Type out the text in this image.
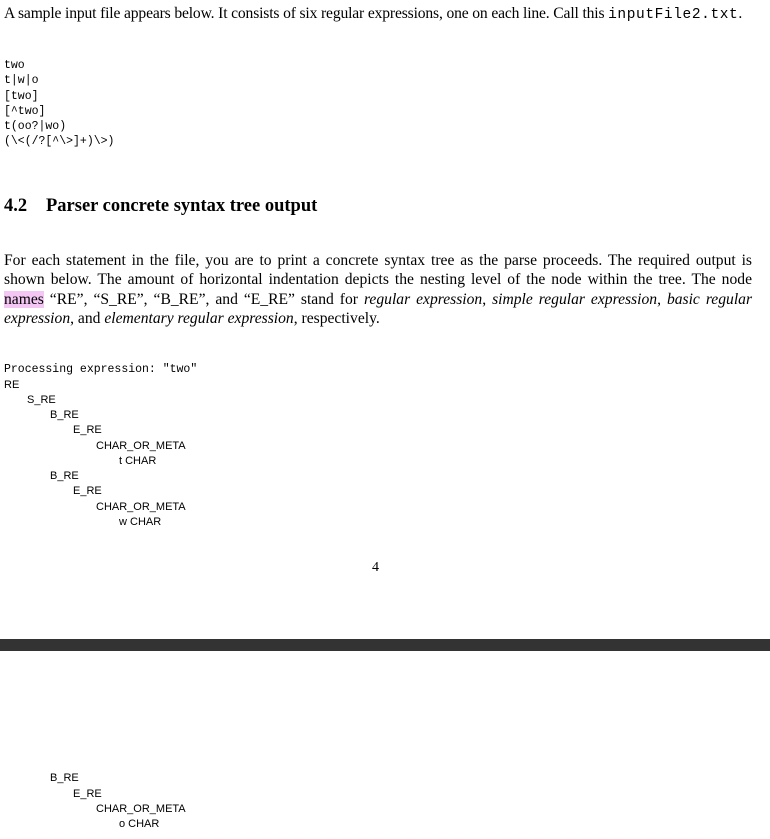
A sample input file appears below. It consists of six regular expressions, one on each line. Call this inputFile2.txt.

two
t|w|o
[two]
[^two]
t(oo?|wo)
(\<(/?[^\>]+)\>)
4.2 Parser concrete syntax tree output

For each statement in the file, you are to print a concrete syntax tree as the parse proceeds. The required output is shown below. The amount of horizontal indentation depicts the nesting level of the node within the tree. The node names “RE”, “S_RE”, “B_RE”, and “E_RE” stand for regular expression, simple regular expression, basic regular expression, and elementary regular expression, respectively.

Processing expression: "two"
RE
S_RE
B_RE
E_RE
CHAR_OR_META
t CHAR
B_RE
E_RE
CHAR_OR_META
w CHAR
4
B_RE
E_RE
CHAR_OR_META
o CHAR
